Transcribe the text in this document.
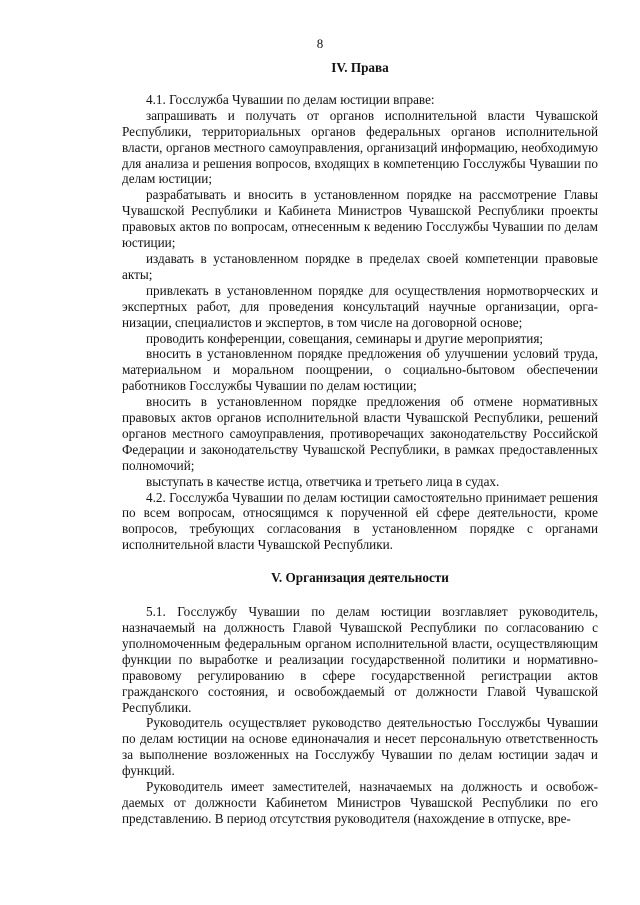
8
IV. Права

4.1. Госслужба Чувашии по делам юстиции вправе:

запрашивать и получать от органов исполнительной власти Чувашской Республики, территориальных органов федеральных органов исполнительной власти, органов местного самоуправления, организаций информацию, необходимую для анализа и решения вопросов, входящих в компетенцию Госслужбы Чувашии по делам юстиции;

разрабатывать и вносить в установленном порядке на рассмотрение Главы Чувашской Республики и Кабинета Министров Чувашской Республики проекты правовых актов по вопросам, отнесенным к ведению Госслужбы Чувашии по делам юстиции;

издавать в установленном порядке в пределах своей компетенции правовые акты;

привлекать в установленном порядке для осуществления нормотворческих и экспертных работ, для проведения консультаций научные организации, организации, специалистов и экспертов, в том числе на договорной основе;

проводить конференции, совещания, семинары и другие мероприятия;

вносить в установленном порядке предложения об улучшении условий труда, материальном и моральном поощрении, о социально-бытовом обеспечении работников Госслужбы Чувашии по делам юстиции;

вносить в установленном порядке предложения об отмене нормативных правовых актов органов исполнительной власти Чувашской Республики, решений органов местного самоуправления, противоречащих законодательству Российской Федерации и законодательству Чувашской Республики, в рамках предоставленных полномочий;

выступать в качестве истца, ответчика и третьего лица в судах.

4.2. Госслужба Чувашии по делам юстиции самостоятельно принимает решения по всем вопросам, относящимся к порученной ей сфере деятельности, кроме вопросов, требующих согласования в установленном порядке с органами исполнительной власти Чувашской Республики.

V. Организация деятельности

5.1. Госслужбу Чувашии по делам юстиции возглавляет руководитель, назначаемый на должность Главой Чувашской Республики по согласованию с уполномоченным федеральным органом исполнительной власти, осуществляющим функции по выработке и реализации государственной политики и нормативно-правовому регулированию в сфере государственной регистрации актов гражданского состояния, и освобождаемый от должности Главой Чувашской Республики.

Руководитель осуществляет руководство деятельностью Госслужбы Чувашии по делам юстиции на основе единоначалия и несет персональную ответственность за выполнение возложенных на Госслужбу Чувашии по делам юстиции задач и функций.

Руководитель имеет заместителей, назначаемых на должность и освобождаемых от должности Кабинетом Министров Чувашской Республики по его представлению. В период отсутствия руководителя (нахождение в отпуске, вре-
